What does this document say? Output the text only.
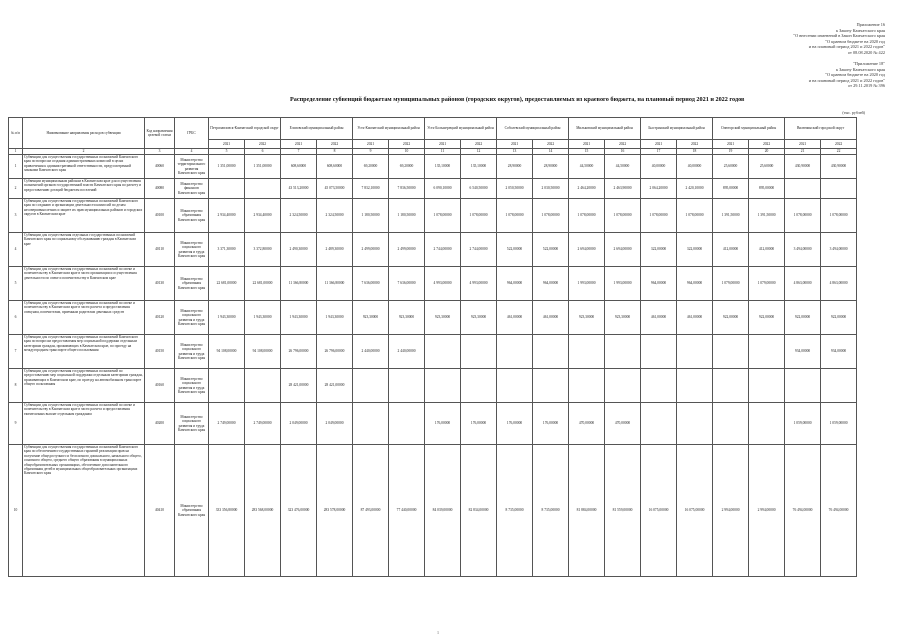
Приложение 16
к Закону Камчатского края
"О внесении изменений в Закон Камчатского края
"О краевом бюджете на 2020 год
и на плановый период 2021 и 2022 годов"
от 08.08.2020 № 422
"Приложение 18"
к Закону Камчатского края
"О краевом бюджете на 2020 год
и на плановый период 2021 и 2022 годов"
от 29.11.2019 № 396
Распределение субвенций бюджетам муниципальных районов (городских округов), предоставляемых из краевого бюджета, на плановый период 2021 и 2022 годов
(тыс. рублей)
№ п/п	Наименование направления расходов субвенции	Код направления целевой статьи	ГРБС	Петропавловск-Камчатский городской округ		Елизовский муниципальный район		Усть-Камчатский муниципальный район		Усть-Большерецкий муниципальный район		Соболевский муниципальный район		Мильковский муниципальный район		Быстринский муниципальный район		Олюторский муниципальный район		Вилючинский городской округ	
				2021	2022	2021	2022	2021	2022	2021	2022	2021	2022	2021	2022	2021	2022	2021	2022	2021	2022
1	2	3	4	5	6	7	8	9	10	11	12	13	14	15	16	17	18	19	20	21	22
1	Субвенции для осуществления государственных полномочий Камчатского края по вопросам создания административных комиссий в целях привлечения к административной ответственности, предусмотренной законами Камчатского края	40060	Министерство территориального развития Камчатского края	1 351,00000	1 351,00000	608,60000	608,60000	69,20000	69,20000	135,10000	135,10000	28,90000	28,90000	44,50000	44,50000	40,00000	40,00000	25,60000	25,60000	430,90000	430,90000
2	Субвенции муниципальным районам в Камчатском крае для осуществления полномочий органов государственной власти Камчатского края по расчету и предоставлению дотаций бюджетам поселений	40080	Министерство финансов Камчатского края			43 513,20000	45 073,50000	7 832,10000	7 836,50000	6 090,10000	6 540,50000	2 050,50000	2 030,50000	2 464,20000	2 463,90000	2 064,20000	2 420,10000	895,00000	895,00000		
3	Субвенции для осуществления государственных полномочий Камчатского края по созданию и организации деятельности комиссий по делам несовершеннолетних и защите их прав муниципальных районов и городских округов в Камчатском крае	40100	Министерство образования Камчатского края	2 934,40000	2 934,40000	2 324,50000	2 324,50000	1 180,50000	1 180,50000	1 078,00000	1 078,00000	1 078,00000	1 078,00000	1 078,00000	1 078,00000	1 078,00000	1 078,00000	1 391,50000	1 391,50000	1 078,00000	1 078,00000
4	Субвенции для осуществления отдельных государственных полномочий Камчатского края по социальному обслуживанию граждан в Камчатском крае	40110	Министерство социального развития и труда Камчатского края	3 371,30000	3 372,80000	2 490,30000	2 489,30000	2 499,00000	2 499,00000	2 744,00000	2 744,00000	522,00000	522,00000	2 694,00000	2 694,00000	322,00000	322,00000	412,00000	412,00000	3 494,00000	3 494,00000
5	Субвенции для осуществления государственных полномочий по опеке и попечительству в Камчатском крае в части организации и осуществления деятельности по опеке и попечительству в Камчатском крае	40130	Министерство образования Камчатского края	22 681,00000	22 681,00000	11 366,80000	11 366,80000	7 636,00000	7 636,00000	4 993,00000	4 993,00000	964,00000	964,00000	1 993,00000	1 993,00000	964,00000	964,00000	1 079,00000	1 079,00000	4 863,00000	4 863,00000
6	Субвенции для осуществления государственных полномочий по опеке и попечительству в Камчатском крае в части расчета и предоставления опекунам, попечителям, приемным родителям денежных средств	40120	Министерство социального развития и труда Камчатского края	1 943,30000	1 943,30000	1 943,30000	1 943,30000	923,30000	923,30000	923,30000	923,30000	461,00000	461,00000	923,30000	923,30000	461,00000	461,00000	922,00000	922,00000	922,00000	922,00000
7	Субвенции для осуществления государственных полномочий Камчатского края по вопросам предоставления мер социальной поддержки отдельным категориям граждан, проживающих в Камчатском крае, по проезду на междугородном транспорте общего пользования	40150	Министерство социального развития и труда Камчатского края	94 108,00000	94 108,00000	26 796,00000	26 796,00000	2 440,00000	2 440,00000											934,00000	934,00000
8	Субвенции для осуществления государственных полномочий по предоставлению мер социальной поддержки отдельным категориям граждан, проживающих в Камчатском крае, по проезду на автомобильном транспорте общего пользования	40160	Министерство социального развития и труда Камчатского края			28 421,00000	28 421,00000														
9	Субвенции для осуществления государственных полномочий по опеке и попечительству в Камчатском крае в части расчета и предоставления ежемесячных выплат отдельным гражданам	40200	Министерство социального развития и труда Камчатского края	2 749,00000	2 749,00000	2 049,00000	2 049,00000			176,00000	176,00000	176,00000	176,00000	470,00000	470,00000					1 059,00000	1 059,00000
10	Субвенции для осуществления государственных полномочий Камчатского края по обеспечению государственных гарантий реализации прав на получение общедоступного и бесплатного дошкольного, начального общего, основного общего, среднего общего образования в муниципальных общеобразовательных организациях, обеспечение дополнительного образования детей в муниципальных общеобразовательных организациях Камчатского края	40410	Министерство образования Камчатского края	333 356,80000	283 568,00000	323 476,00000	283 578,00000	87 493,00000	77 440,00000	84 039,00000	82 834,00000	8 735,00000	8 735,00000	81 884,00000	81 559,00000	16 075,00000	16 075,00000	2 994,00000	2 994,00000	76 494,00000	76 494,00000
1
